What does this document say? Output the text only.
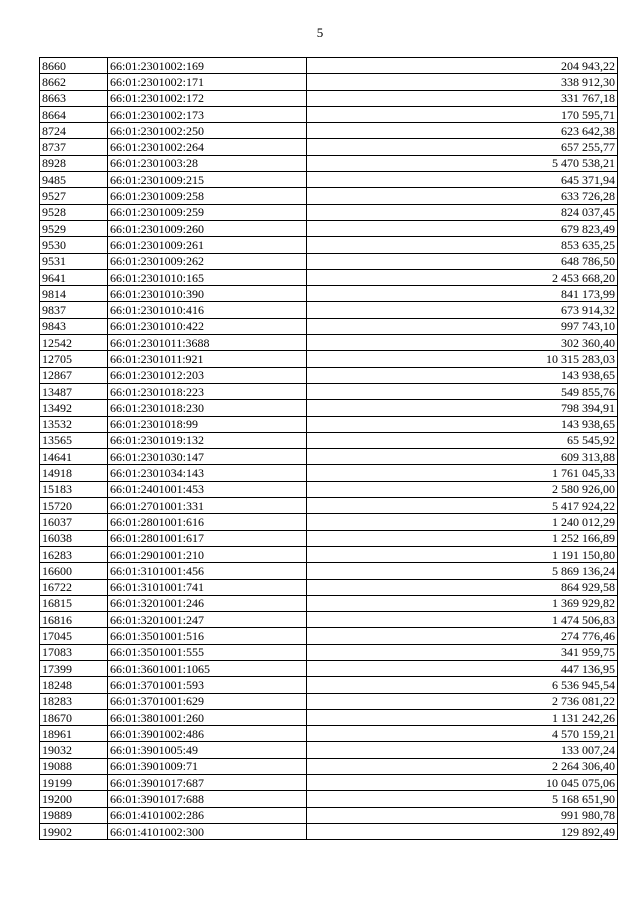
5
8660	66:01:2301002:169	204 943,22
8662	66:01:2301002:171	338 912,30
8663	66:01:2301002:172	331 767,18
8664	66:01:2301002:173	170 595,71
8724	66:01:2301002:250	623 642,38
8737	66:01:2301002:264	657 255,77
8928	66:01:2301003:28	5 470 538,21
9485	66:01:2301009:215	645 371,94
9527	66:01:2301009:258	633 726,28
9528	66:01:2301009:259	824 037,45
9529	66:01:2301009:260	679 823,49
9530	66:01:2301009:261	853 635,25
9531	66:01:2301009:262	648 786,50
9641	66:01:2301010:165	2 453 668,20
9814	66:01:2301010:390	841 173,99
9837	66:01:2301010:416	673 914,32
9843	66:01:2301010:422	997 743,10
12542	66:01:2301011:3688	302 360,40
12705	66:01:2301011:921	10 315 283,03
12867	66:01:2301012:203	143 938,65
13487	66:01:2301018:223	549 855,76
13492	66:01:2301018:230	798 394,91
13532	66:01:2301018:99	143 938,65
13565	66:01:2301019:132	65 545,92
14641	66:01:2301030:147	609 313,88
14918	66:01:2301034:143	1 761 045,33
15183	66:01:2401001:453	2 580 926,00
15720	66:01:2701001:331	5 417 924,22
16037	66:01:2801001:616	1 240 012,29
16038	66:01:2801001:617	1 252 166,89
16283	66:01:2901001:210	1 191 150,80
16600	66:01:3101001:456	5 869 136,24
16722	66:01:3101001:741	864 929,58
16815	66:01:3201001:246	1 369 929,82
16816	66:01:3201001:247	1 474 506,83
17045	66:01:3501001:516	274 776,46
17083	66:01:3501001:555	341 959,75
17399	66:01:3601001:1065	447 136,95
18248	66:01:3701001:593	6 536 945,54
18283	66:01:3701001:629	2 736 081,22
18670	66:01:3801001:260	1 131 242,26
18961	66:01:3901002:486	4 570 159,21
19032	66:01:3901005:49	133 007,24
19088	66:01:3901009:71	2 264 306,40
19199	66:01:3901017:687	10 045 075,06
19200	66:01:3901017:688	5 168 651,90
19889	66:01:4101002:286	991 980,78
19902	66:01:4101002:300	129 892,49
